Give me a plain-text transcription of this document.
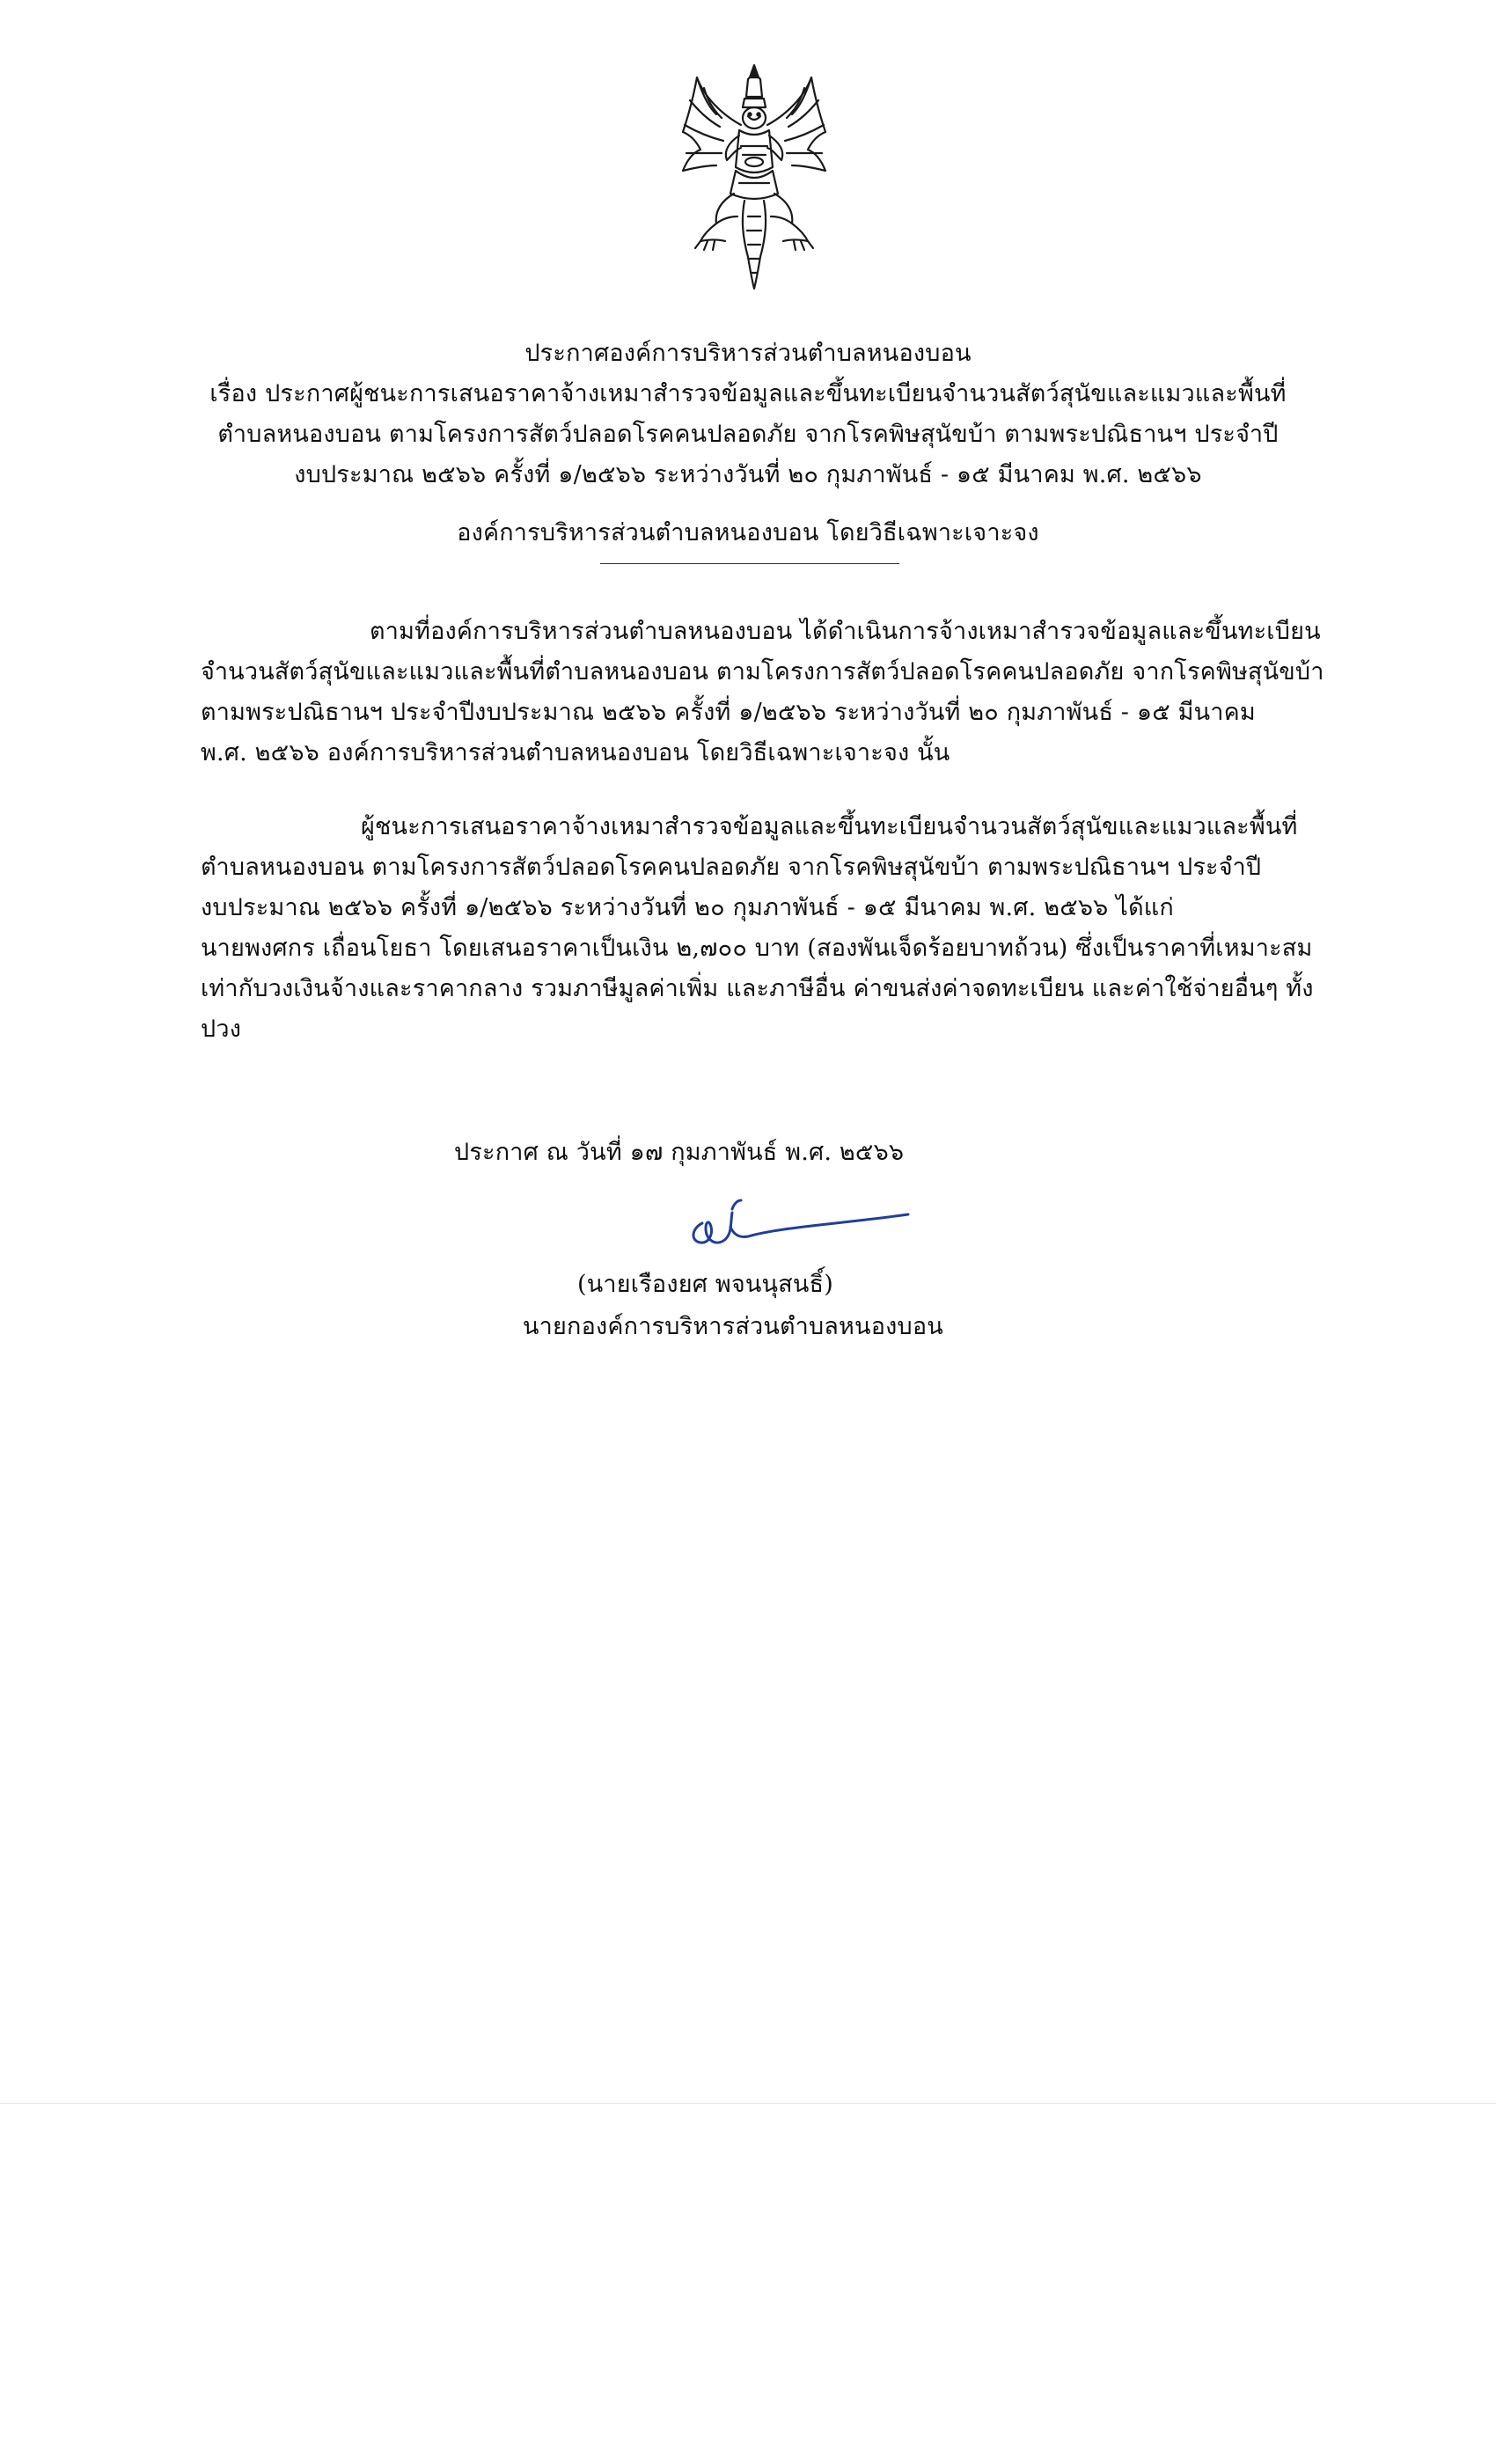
ประกาศองค์การบริหารส่วนตำบลหนองบอน
เรื่อง ประกาศผู้ชนะการเสนอราคาจ้างเหมาสำรวจข้อมูลและขึ้นทะเบียนจำนวนสัตว์สุนัขและแมวและพื้นที่
ตำบลหนองบอน ตามโครงการสัตว์ปลอดโรคคนปลอดภัย จากโรคพิษสุนัขบ้า ตามพระปณิธานฯ ประจำปี
งบประมาณ ๒๕๖๖ ครั้งที่ ๑/๒๕๖๖ ระหว่างวันที่ ๒๐ กุมภาพันธ์ - ๑๕ มีนาคม พ.ศ. ๒๕๖๖
องค์การบริหารส่วนตำบลหนองบอน โดยวิธีเฉพาะเจาะจง
ตามที่องค์การบริหารส่วนตำบลหนองบอน ได้ดำเนินการจ้างเหมาสำรวจข้อมูลและขึ้นทะเบียน
จำนวนสัตว์สุนัขและแมวและพื้นที่ตำบลหนองบอน ตามโครงการสัตว์ปลอดโรคคนปลอดภัย จากโรคพิษสุนัขบ้า
ตามพระปณิธานฯ ประจำปีงบประมาณ ๒๕๖๖ ครั้งที่ ๑/๒๕๖๖ ระหว่างวันที่ ๒๐ กุมภาพันธ์ - ๑๕ มีนาคม
พ.ศ. ๒๕๖๖ องค์การบริหารส่วนตำบลหนองบอน โดยวิธีเฉพาะเจาะจง นั้น
ผู้ชนะการเสนอราคาจ้างเหมาสำรวจข้อมูลและขึ้นทะเบียนจำนวนสัตว์สุนัขและแมวและพื้นที่
ตำบลหนองบอน ตามโครงการสัตว์ปลอดโรคคนปลอดภัย จากโรคพิษสุนัขบ้า ตามพระปณิธานฯ ประจำปี
งบประมาณ ๒๕๖๖ ครั้งที่ ๑/๒๕๖๖ ระหว่างวันที่ ๒๐ กุมภาพันธ์ - ๑๕ มีนาคม พ.ศ. ๒๕๖๖ ได้แก่
นายพงศกร เถื่อนโยธา โดยเสนอราคาเป็นเงิน ๒,๗๐๐ บาท (สองพันเจ็ดร้อยบาทถ้วน) ซึ่งเป็นราคาที่เหมาะสม
เท่ากับวงเงินจ้างและราคากลาง รวมภาษีมูลค่าเพิ่ม และภาษีอื่น ค่าขนส่งค่าจดทะเบียน และค่าใช้จ่ายอื่นๆ ทั้ง
ปวง
ประกาศ ณ วันที่ ๑๗ กุมภาพันธ์ พ.ศ. ๒๕๖๖
(นายเรืองยศ พจนนุสนธิ์)
นายกองค์การบริหารส่วนตำบลหนองบอน
